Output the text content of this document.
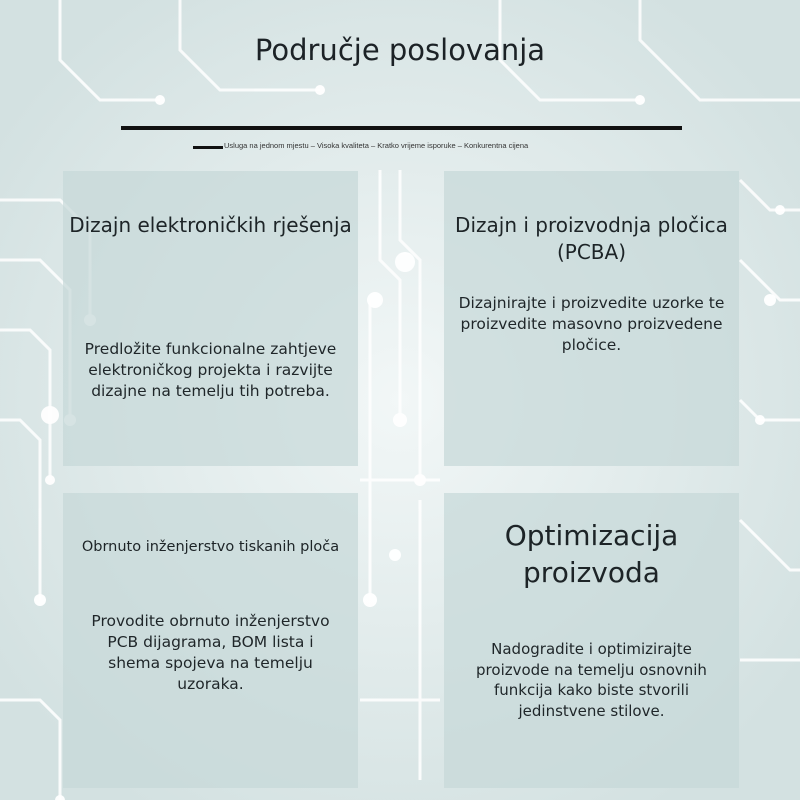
Područje poslovanja
Usluga na jednom mjestu – Visoka kvaliteta – Kratko vrijeme isporuke – Konkurentna cijena
Dizajn elektroničkih rješenja
Predložite funkcionalne zahtjeve elektroničkog projekta i razvijte dizajne na temelju tih potreba.
Dizajn i proizvodnja pločica (PCBA)
Dizajnirajte i proizvedite uzorke te proizvedite masovno proizvedene pločice.
Obrnuto inženjerstvo tiskanih ploča
Provodite obrnuto inženjerstvo PCB dijagrama, BOM lista i shema spojeva na temelju uzoraka.
Optimizacija proizvoda
Nadogradite i optimizirajte proizvode na temelju osnovnih funkcija kako biste stvorili jedinstvene stilove.
